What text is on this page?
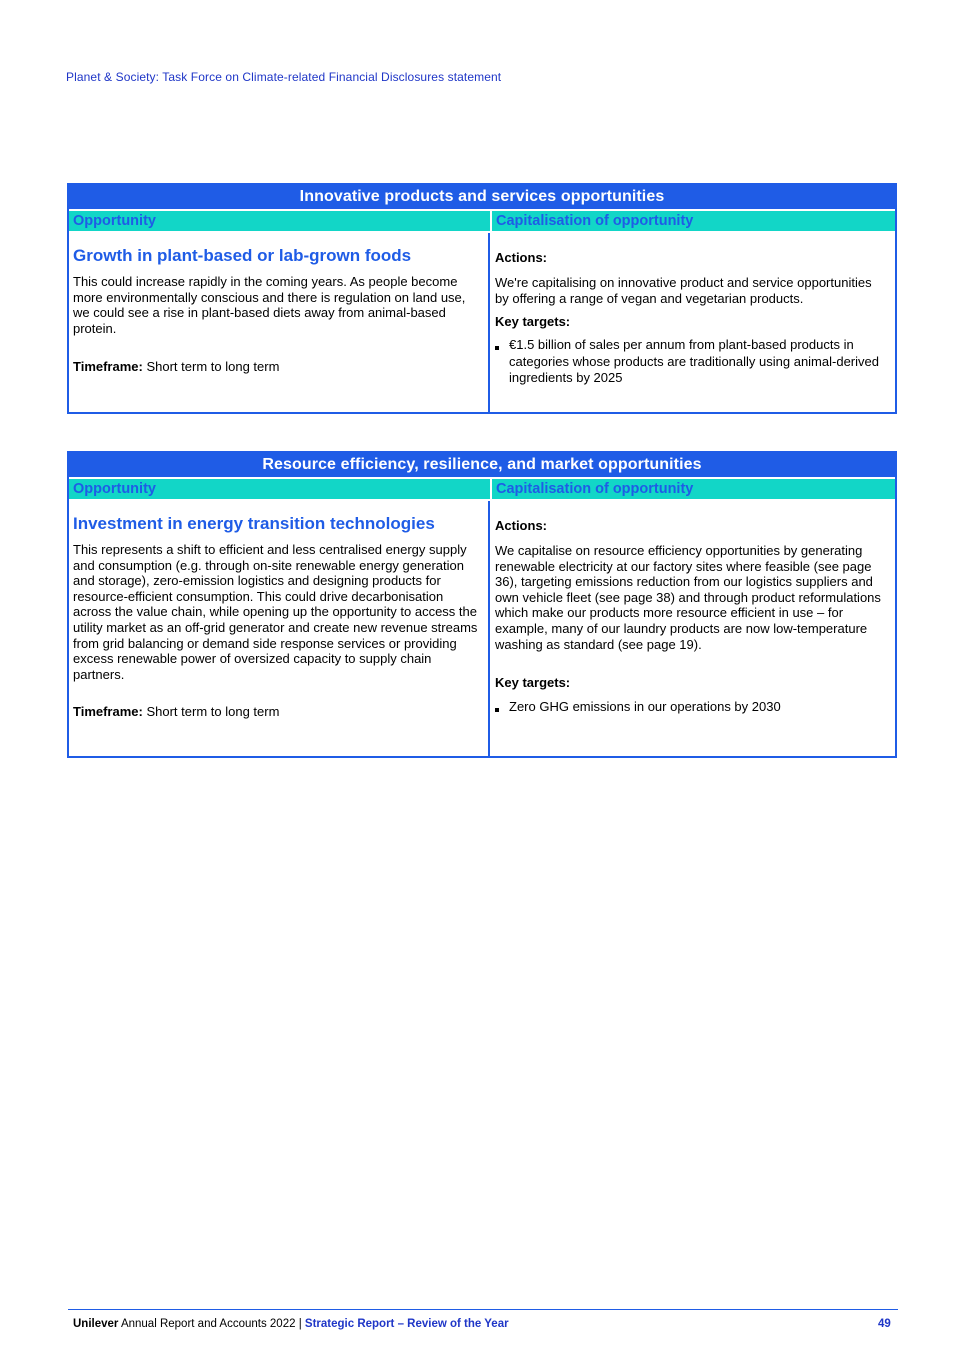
Planet & Society: Task Force on Climate-related Financial Disclosures statement
Innovative products and services opportunities
Opportunity	Capitalisation of opportunity
Growth in plant-based or lab-grown foods

This could increase rapidly in the coming years. As people become more environmentally conscious and there is regulation on land use, we could see a rise in plant-based diets away from animal-based protein.

Timeframe: Short term to long term

Actions:

We're capitalising on innovative product and service opportunities by offering a range of vegan and vegetarian products.

Key targets:

€1.5 billion of sales per annum from plant-based products in categories whose products are traditionally using animal-derived ingredients by 2025
Resource efficiency, resilience, and market opportunities
Opportunity	Capitalisation of opportunity
Investment in energy transition technologies

This represents a shift to efficient and less centralised energy supply and consumption (e.g. through on-site renewable energy generation and storage), zero-emission logistics and designing products for resource-efficient consumption. This could drive decarbonisation across the value chain, while opening up the opportunity to access the utility market as an off-grid generator and create new revenue streams from grid balancing or demand side response services or providing excess renewable power of oversized capacity to supply chain partners.

Timeframe: Short term to long term

Actions:

We capitalise on resource efficiency opportunities by generating renewable electricity at our factory sites where feasible (see page 36), targeting emissions reduction from our logistics suppliers and own vehicle fleet (see page 38) and through product reformulations which make our products more resource efficient in use – for example, many of our laundry products are now low-temperature washing as standard (see page 19).

Key targets:

Zero GHG emissions in our operations by 2030
Unilever Annual Report and Accounts 2022 | Strategic Report – Review of the Year	49
